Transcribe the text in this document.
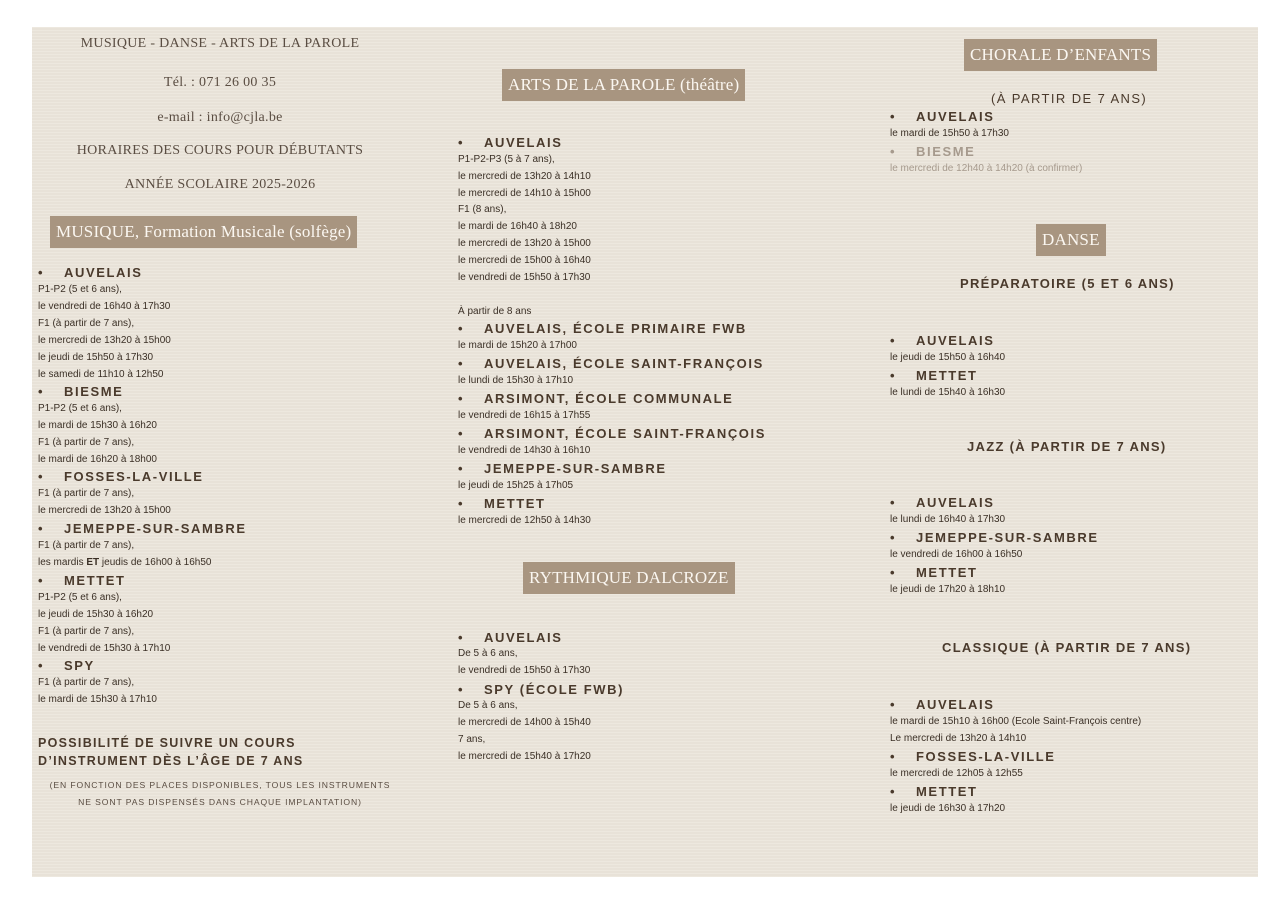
MUSIQUE - DANSE - ARTS DE LA PAROLE
Tél. : 071 26 00 35
e-mail : info@cjla.be
HORAIRES DES COURS POUR DÉBUTANTS
ANNÉE SCOLAIRE 2025-2026
MUSIQUE, Formation Musicale (solfège)
• AUVELAIS
P1-P2 (5 et 6 ans),
le vendredi de 16h40 à 17h30
F1 (à partir de 7 ans),
le mercredi de 13h20 à 15h00
le jeudi de 15h50 à 17h30
le samedi de 11h10 à 12h50
• BIESME
P1-P2 (5 et 6 ans),
le mardi de 15h30 à 16h20
F1 (à partir de 7 ans),
le mardi de 16h20 à 18h00
• FOSSES-LA-VILLE
F1 (à partir de 7 ans),
le mercredi de 13h20 à 15h00
• JEMEPPE-SUR-SAMBRE
F1 (à partir de 7 ans),
les mardis ET jeudis de 16h00 à 16h50
• METTET
P1-P2 (5 et 6 ans),
le jeudi de 15h30 à 16h20
F1 (à partir de 7 ans),
le vendredi de 15h30 à 17h10
• SPY
F1 (à partir de 7 ans),
le mardi de 15h30 à 17h10
POSSIBILITÉ DE SUIVRE UN COURS
D’INSTRUMENT DÈS L’ÂGE DE 7 ANS
(EN FONCTION DES PLACES DISPONIBLES, TOUS LES INSTRUMENTS
NE SONT PAS DISPENSÉS DANS CHAQUE IMPLANTATION)
ARTS DE LA PAROLE (théâtre)
• AUVELAIS
P1-P2-P3 (5 à 7 ans),
le mercredi de 13h20 à 14h10
le mercredi de 14h10 à 15h00
F1 (8 ans),
le mardi de 16h40 à 18h20
le mercredi de 13h20 à 15h00
le mercredi de 15h00 à 16h40
le vendredi de 15h50 à 17h30
À partir de 8 ans
• AUVELAIS, ÉCOLE PRIMAIRE FWB
le mardi de 15h20 à 17h00
• AUVELAIS, ÉCOLE SAINT-FRANÇOIS
le lundi de 15h30 à 17h10
• ARSIMONT, ÉCOLE COMMUNALE
le vendredi de 16h15 à 17h55
• ARSIMONT, ÉCOLE SAINT-FRANÇOIS
le vendredi de 14h30 à 16h10
• JEMEPPE-SUR-SAMBRE
le jeudi de 15h25 à 17h05
• METTET
le mercredi de 12h50 à 14h30
RYTHMIQUE DALCROZE
• AUVELAIS
De 5 à 6 ans,
le vendredi de 15h50 à 17h30
• SPY (ÉCOLE FWB)
De 5 à 6 ans,
le mercredi de 14h00 à 15h40
7 ans,
le mercredi de 15h40 à 17h20
CHORALE D’ENFANTS
(À PARTIR DE 7 ANS)
• AUVELAIS
le mardi de 15h50 à 17h30
• BIESME
le mercredi de 12h40 à 14h20 (à confirmer)
DANSE
PRÉPARATOIRE (5 ET 6 ANS)
• AUVELAIS
le jeudi de 15h50 à 16h40
• METTET
le lundi de 15h40 à 16h30
JAZZ (À PARTIR DE 7 ANS)
• AUVELAIS
le lundi de 16h40 à 17h30
• JEMEPPE-SUR-SAMBRE
le vendredi de 16h00 à 16h50
• METTET
le jeudi de 17h20 à 18h10
CLASSIQUE (À PARTIR DE 7 ANS)
• AUVELAIS
le mardi de 15h10 à 16h00 (Ecole Saint-François centre)
Le mercredi de 13h20 à 14h10
• FOSSES-LA-VILLE
le mercredi de 12h05 à 12h55
• METTET
le jeudi de 16h30 à 17h20
